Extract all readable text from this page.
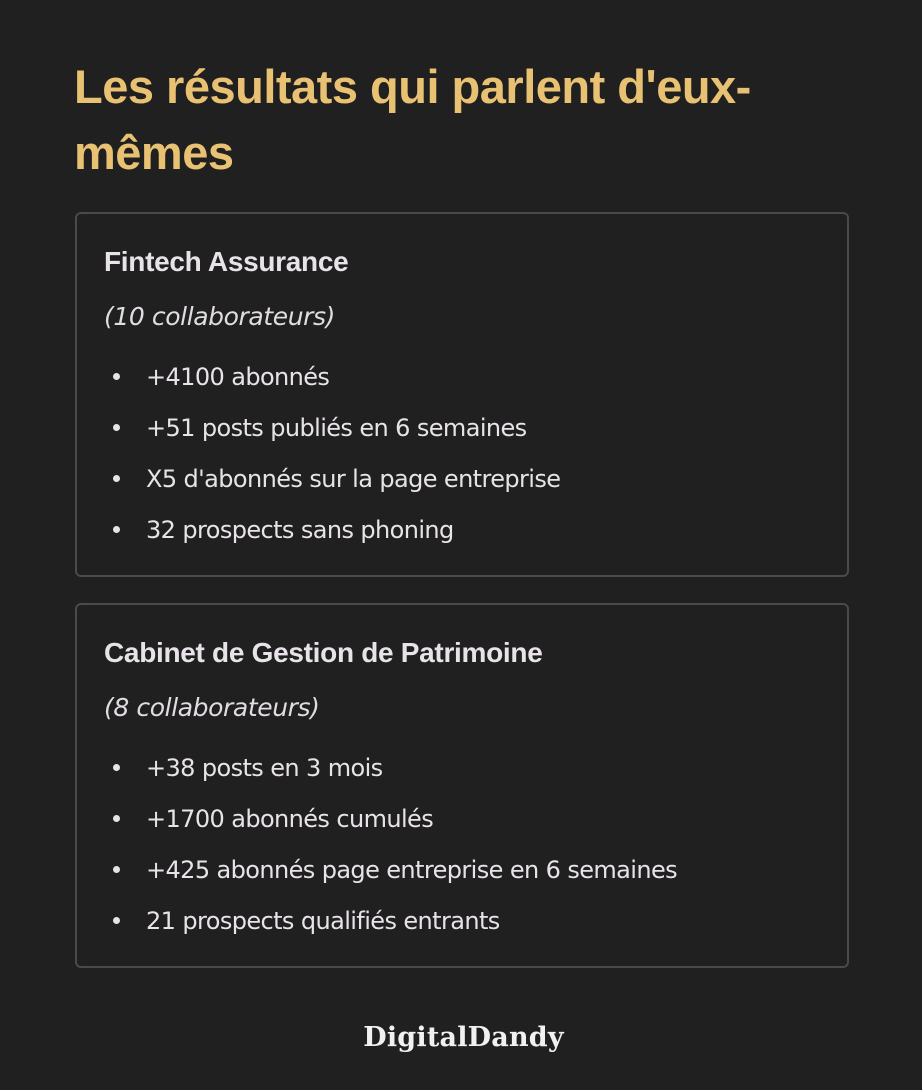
Les résultats qui parlent d'eux-mêmes
Fintech Assurance

(10 collaborateurs)

+4100 abonnés
+51 posts publiés en 6 semaines
X5 d'abonnés sur la page entreprise
32 prospects sans phoning
Cabinet de Gestion de Patrimoine

(8 collaborateurs)

+38 posts en 3 mois
+1700 abonnés cumulés
+425 abonnés page entreprise en 6 semaines
21 prospects qualifiés entrants
DigitalDandy
